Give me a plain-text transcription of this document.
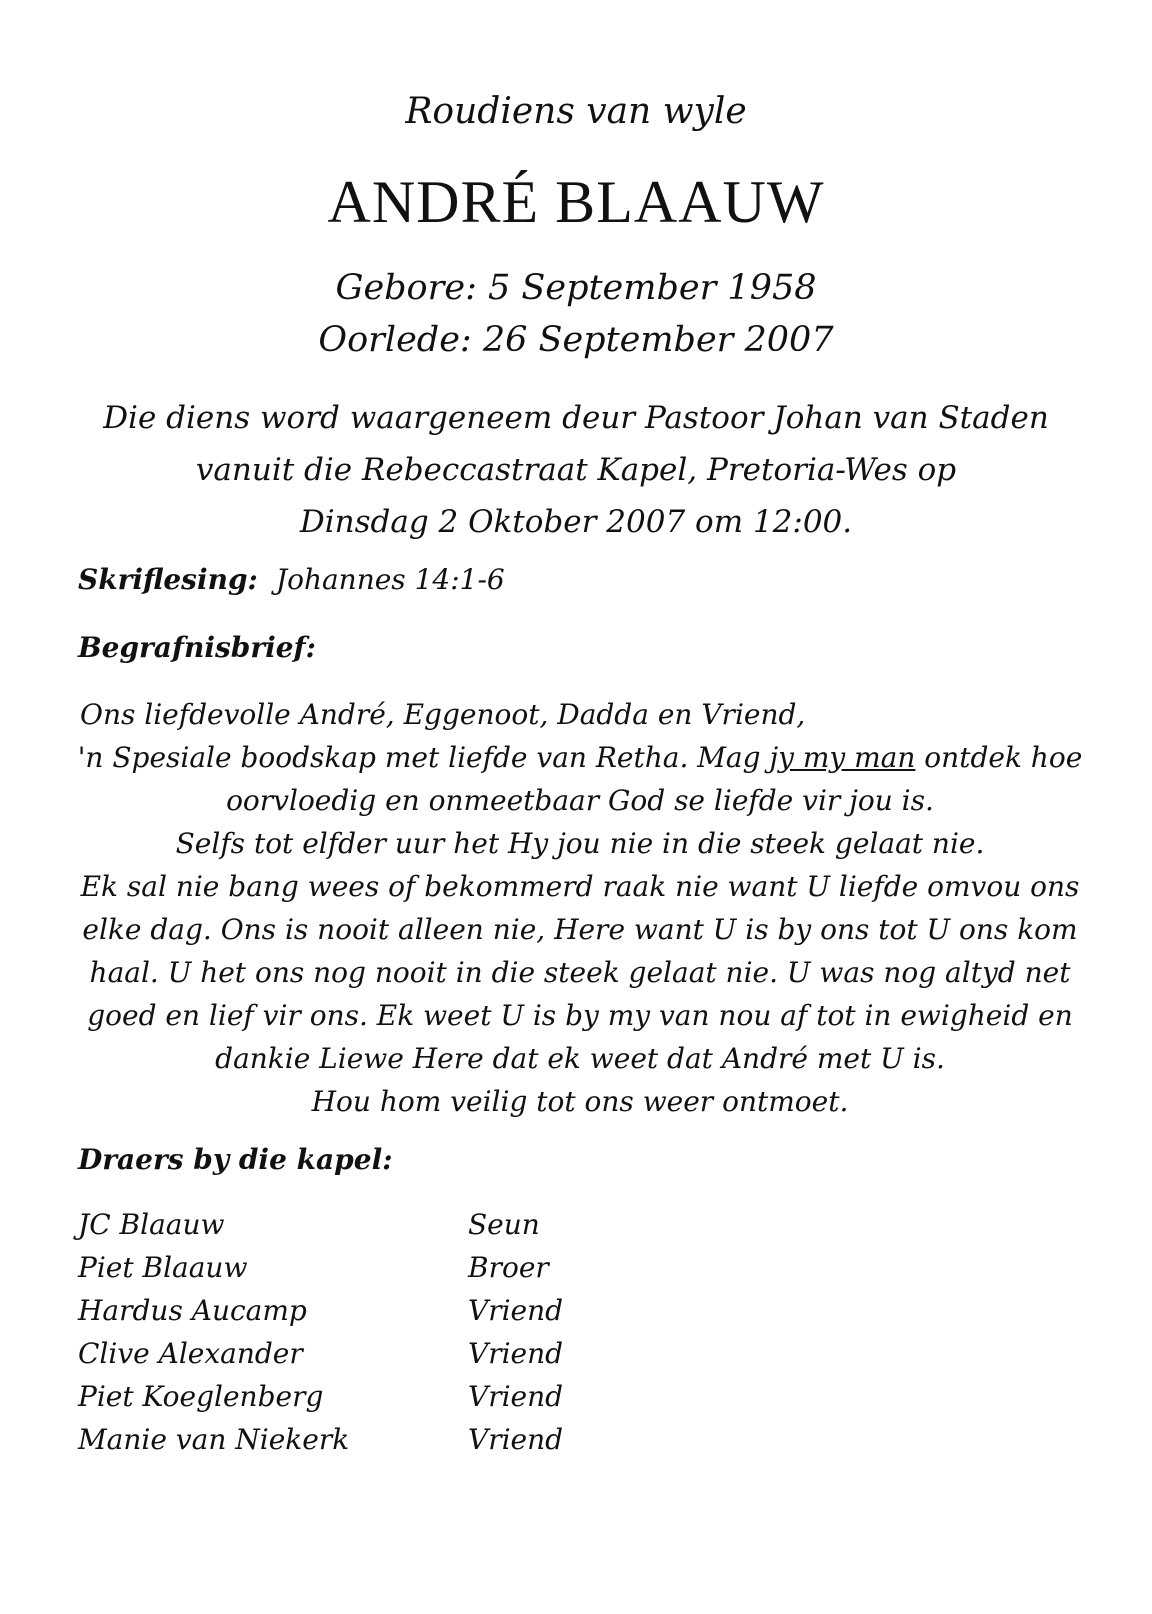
Roudiens van wyle
ANDRÉ BLAAUW
Gebore: 5 September 1958
Oorlede: 26 September 2007
Die diens word waargeneem deur Pastoor Johan van Staden
vanuit die Rebeccastraat Kapel, Pretoria-Wes op
Dinsdag 2 Oktober 2007 om 12:00.
Skriflesing: Johannes 14:1-6
Begrafnisbrief:
Ons liefdevolle André, Eggenoot, Dadda en Vriend,
'n Spesiale boodskap met liefde van Retha. Mag jy my man ontdek hoe
oorvloedig en onmeetbaar God se liefde vir jou is.
Selfs tot elfder uur het Hy jou nie in die steek gelaat nie.
Ek sal nie bang wees of bekommerd raak nie want U liefde omvou ons
elke dag. Ons is nooit alleen nie, Here want U is by ons tot U ons kom
haal. U het ons nog nooit in die steek gelaat nie. U was nog altyd net
goed en lief vir ons. Ek weet U is by my van nou af tot in ewigheid en
dankie Liewe Here dat ek weet dat André met U is.
Hou hom veilig tot ons weer ontmoet.
Draers by die kapel:
JC Blaauw	Seun
Piet Blaauw	Broer
Hardus Aucamp	Vriend
Clive Alexander	Vriend
Piet Koeglenberg	Vriend
Manie van Niekerk	Vriend
